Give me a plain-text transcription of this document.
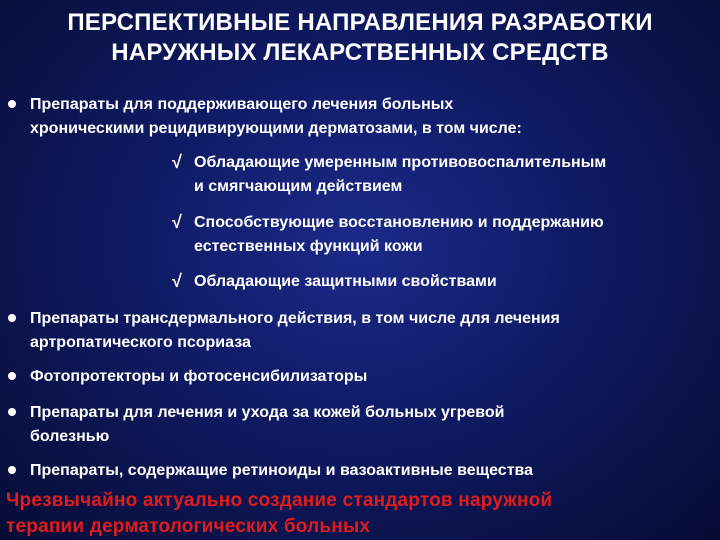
ПЕРСПЕКТИВНЫЕ НАПРАВЛЕНИЯ РАЗРАБОТКИ
НАРУЖНЫХ ЛЕКАРСТВЕННЫХ СРЕДСТВ
Препараты для поддерживающего лечения больных
хроническими рецидивирующими дерматозами, в том числе:
√ Обладающие умеренным противовоспалительным
и смягчающим действием
√ Способствующие восстановлению и поддержанию
естественных функций кожи
√ Обладающие защитными свойствами
Препараты трансдермального действия, в том числе для лечения
артропатического псориаза
Фотопротекторы и фотосенсибилизаторы
Препараты для лечения и ухода за кожей больных угревой
болезнью
Препараты, содержащие ретиноиды и вазоактивные вещества
Чрезвычайно актуально создание стандартов наружной
терапии дерматологических больных
